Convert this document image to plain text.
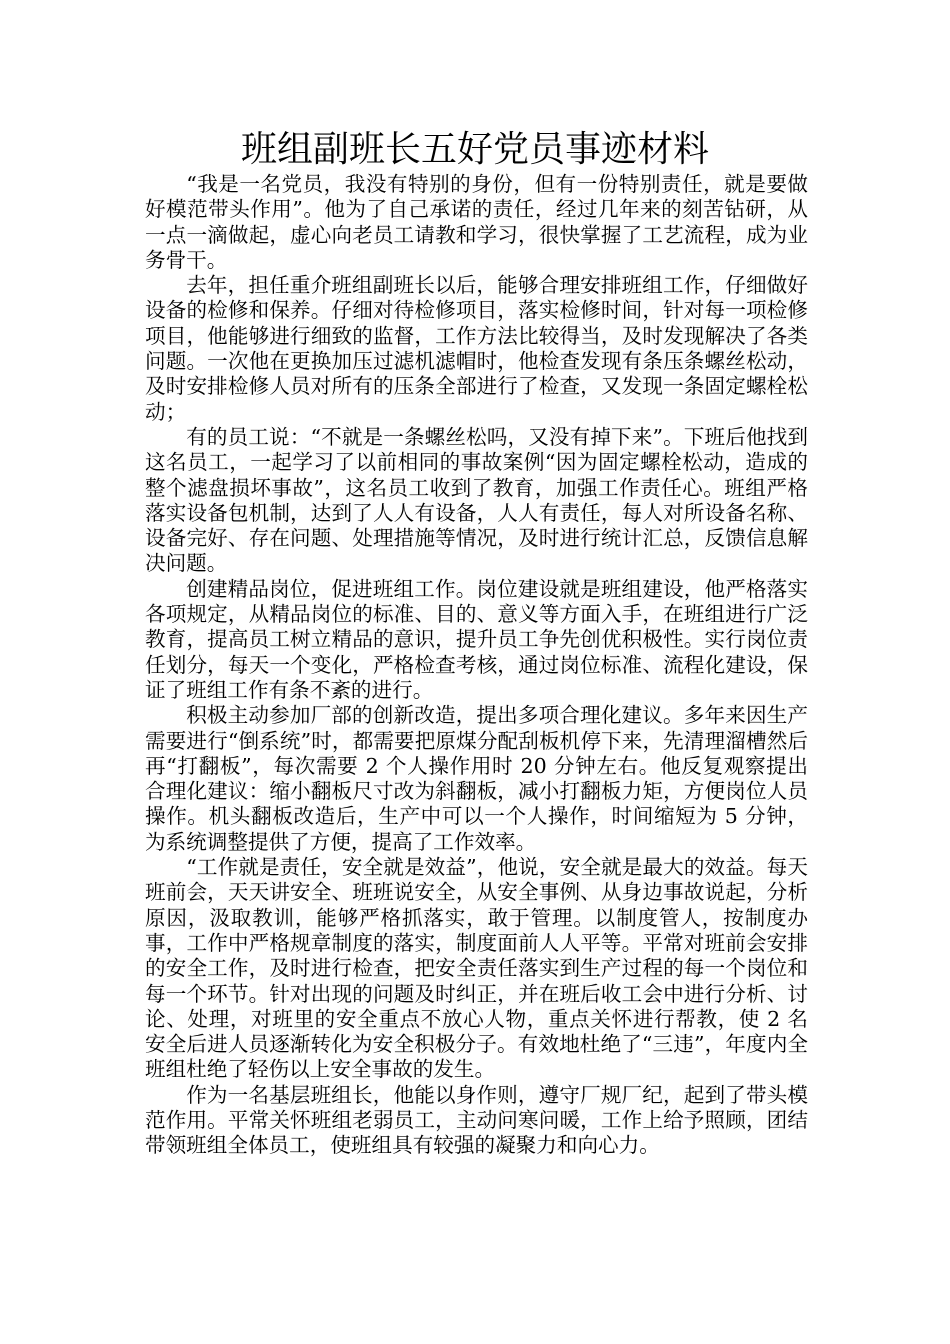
班组副班长五好党员事迹材料

“我是一名党员，我没有特别的身份，但有一份特别责任，就是要做好模范带头作用”。他为了自己承诺的责任，经过几年来的刻苦钻研，从一点一滴做起，虚心向老员工请教和学习，很快掌握了工艺流程，成为业务骨干。

去年，担任重介班组副班长以后，能够合理安排班组工作，仔细做好设备的检修和保养。仔细对待检修项目，落实检修时间，针对每一项检修项目，他能够进行细致的监督，工作方法比较得当，及时发现解决了各类问题。一次他在更换加压过滤机滤帽时，他检查发现有条压条螺丝松动，及时安排检修人员对所有的压条全部进行了检查，又发现一条固定螺栓松动；

有的员工说：“不就是一条螺丝松吗，又没有掉下来”。下班后他找到这名员工，一起学习了以前相同的事故案例“因为固定螺栓松动，造成的整个滤盘损坏事故”，这名员工收到了教育，加强工作责任心。班组严格落实设备包机制，达到了人人有设备，人人有责任，每人对所设备名称、设备完好、存在问题、处理措施等情况，及时进行统计汇总，反馈信息解决问题。

创建精品岗位，促进班组工作。岗位建设就是班组建设，他严格落实各项规定，从精品岗位的标准、目的、意义等方面入手，在班组进行广泛教育，提高员工树立精品的意识，提升员工争先创优积极性。实行岗位责任划分，每天一个变化，严格检查考核，通过岗位标准、流程化建设，保证了班组工作有条不紊的进行。

积极主动参加厂部的创新改造，提出多项合理化建议。多年来因生产需要进行“倒系统”时，都需要把原煤分配刮板机停下来，先清理溜槽然后再“打翻板”，每次需要 2 个人操作用时 20 分钟左右。他反复观察提出合理化建议：缩小翻板尺寸改为斜翻板，减小打翻板力矩，方便岗位人员操作。机头翻板改造后，生产中可以一个人操作，时间缩短为 5 分钟，为系统调整提供了方便，提高了工作效率。

“工作就是责任，安全就是效益”，他说，安全就是最大的效益。每天班前会，天天讲安全、班班说安全，从安全事例、从身边事故说起，分析原因，汲取教训，能够严格抓落实，敢于管理。以制度管人，按制度办事，工作中严格规章制度的落实，制度面前人人平等。平常对班前会安排的安全工作，及时进行检查，把安全责任落实到生产过程的每一个岗位和每一个环节。针对出现的问题及时纠正，并在班后收工会中进行分析、讨论、处理，对班里的安全重点不放心人物，重点关怀进行帮教，使 2 名安全后进人员逐渐转化为安全积极分子。有效地杜绝了“三违”，年度内全班组杜绝了轻伤以上安全事故的发生。

作为一名基层班组长，他能以身作则，遵守厂规厂纪，起到了带头模范作用。平常关怀班组老弱员工，主动问寒问暖，工作上给予照顾，团结带领班组全体员工，使班组具有较强的凝聚力和向心力。
